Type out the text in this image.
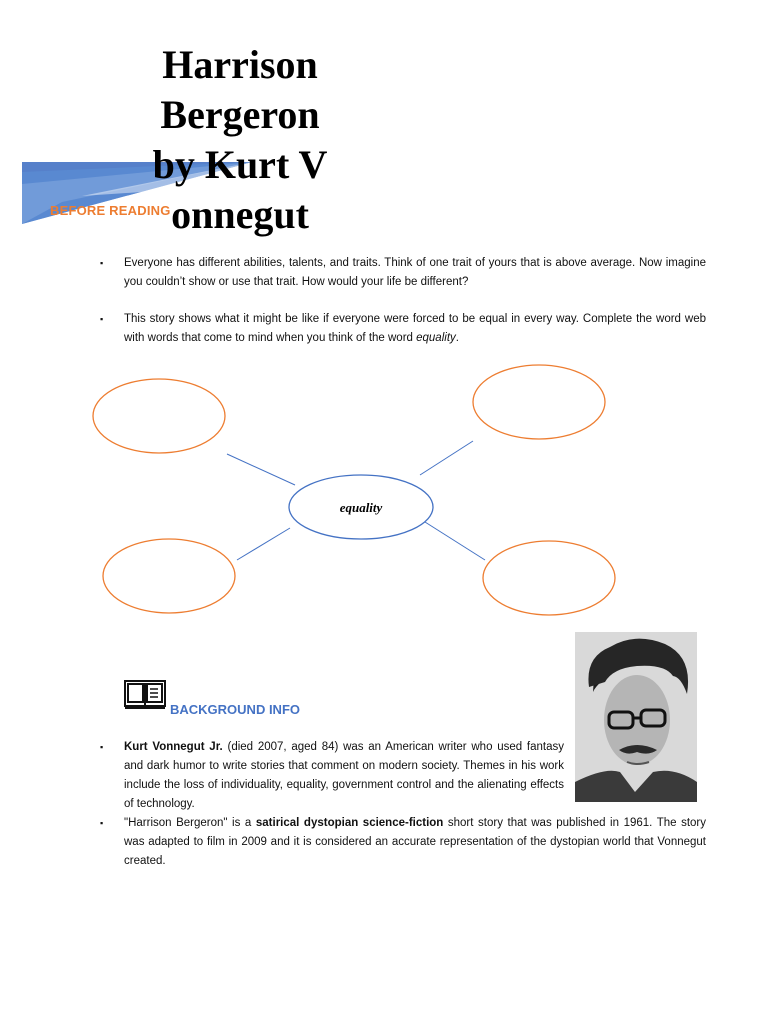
Harrison Bergeron by Kurt Vonnegut
BEFORE READING
▪ Everyone has different abilities, talents, and traits. Think of one trait of yours that is above average. Now imagine you couldn’t show or use that trait. How would your life be different?
▪ This story shows what it might be like if everyone were forced to be equal in every way. Complete the word web with words that come to mind when you think of the word equality.
equality
BACKGROUND INFO
▪ Kurt Vonnegut Jr. (died 2007, aged 84) was an American writer who used fantasy and dark humor to write stories that comment on modern society. Themes in his work include the loss of individuality, equality, government control and the alienating effects of technology.
▪ "Harrison Bergeron" is a satirical dystopian science-fiction short story that was published in 1961. The story was adapted to film in 2009 and it is considered an accurate representation of the dystopian world that Vonnegut created.
